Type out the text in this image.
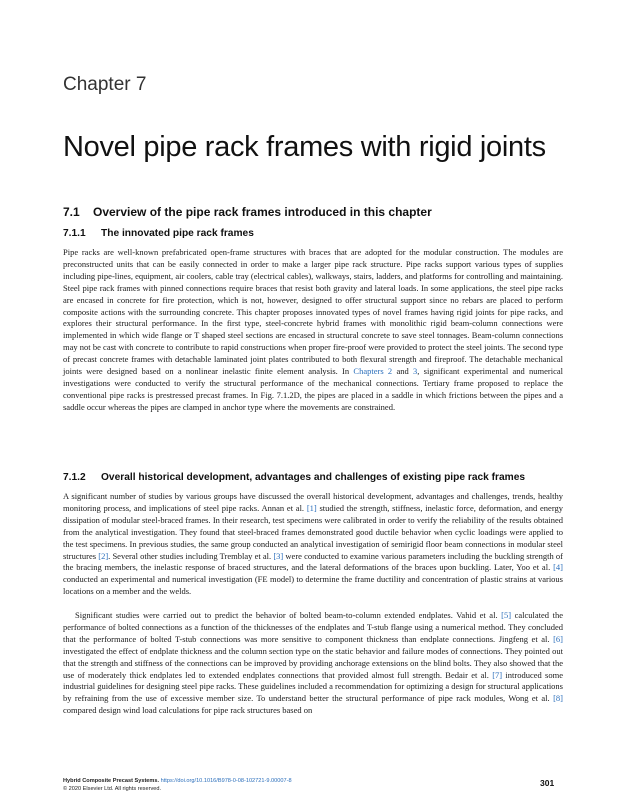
Chapter 7
Novel pipe rack frames with rigid joints
7.1 Overview of the pipe rack frames introduced in this chapter
7.1.1 The innovated pipe rack frames

Pipe racks are well-known prefabricated open-frame structures with braces that are adopted for the modular construction. The modules are preconstructed units that can be easily connected in order to make a larger pipe rack structure. Pipe racks support various types of supplies including pipe-lines, equipment, air coolers, cable tray (electrical cables), walkways, stairs, ladders, and platforms for controlling and maintaining. Steel pipe rack frames with pinned connections require braces that resist both gravity and lateral loads. In some applications, the steel pipe racks are encased in concrete for fire protection, which is not, however, designed to offer structural support since no rebars are placed to perform composite actions with the surrounding concrete. This chapter proposes innovated types of novel frames having rigid joints for pipe racks, and explores their structural performance. In the first type, steel-concrete hybrid frames with monolithic rigid beam-column connections were implemented in which wide flange or T shaped steel sections are encased in structural concrete to save steel tonnages. Beam-column connections may not be cast with concrete to contribute to rapid constructions when proper fire-proof were provided to protect the steel joints. The second type of precast concrete frames with detachable laminated joint plates contributed to both flexural strength and fireproof. The detachable mechanical joints were designed based on a nonlinear inelastic finite element analysis. In Chapters 2 and 3, significant experimental and numerical investigations were conducted to verify the structural performance of the mechanical connections. Tertiary frame proposed to replace the conventional pipe racks is prestressed precast frames. In Fig. 7.1.2D, the pipes are placed in a saddle in which frictions between the pipes and a saddle occur whereas the pipes are clamped in anchor type where the movements are constrained.

7.1.2 Overall historical development, advantages and challenges of existing pipe rack frames

A significant number of studies by various groups have discussed the overall historical development, advantages and challenges, trends, healthy monitoring process, and implications of steel pipe racks. Annan et al. [1] studied the strength, stiffness, inelastic force, deformation, and energy dissipation of modular steel-braced frames. In their research, test specimens were calibrated in order to verify the reliability of the results obtained from the analytical investigation. They found that steel-braced frames demonstrated good ductile behavior when cyclic loadings were applied to the test specimens. In previous studies, the same group conducted an analytical investigation of semirigid floor beam connections in modular steel structures [2]. Several other studies including Tremblay et al. [3] were conducted to examine various parameters including the buckling strength of the bracing members, the inelastic response of braced structures, and the lateral deformations of the braces upon buckling. Later, Yoo et al. [4] conducted an experimental and numerical investigation (FE model) to determine the frame ductility and concentration of plastic strains at various locations on a member and the welds.

Significant studies were carried out to predict the behavior of bolted beam-to-column extended endplates. Vahid et al. [5] calculated the performance of bolted connections as a function of the thicknesses of the endplates and T-stub flange using a numerical method. They concluded that the performance of bolted T-stub connections was more sensitive to component thickness than endplate connections. Jingfeng et al. [6] investigated the effect of endplate thickness and the column section type on the static behavior and failure modes of connections. They pointed out that the strength and stiffness of the connections can be improved by providing anchorage extensions on the blind bolts. They also showed that the use of moderately thick endplates led to extended endplates connections that provided almost full strength. Bedair et al. [7] introduced some industrial guidelines for designing steel pipe racks. These guidelines included a recommendation for optimizing a design for structural applications by refraining from the use of excessive member size. To understand better the structural performance of pipe rack modules, Wong et al. [8] compared design wind load calculations for pipe rack structures based on

Hybrid Composite Precast Systems. https://doi.org/10.1016/B978-0-08-102721-9.00007-8
© 2020 Elsevier Ltd. All rights reserved.
301
